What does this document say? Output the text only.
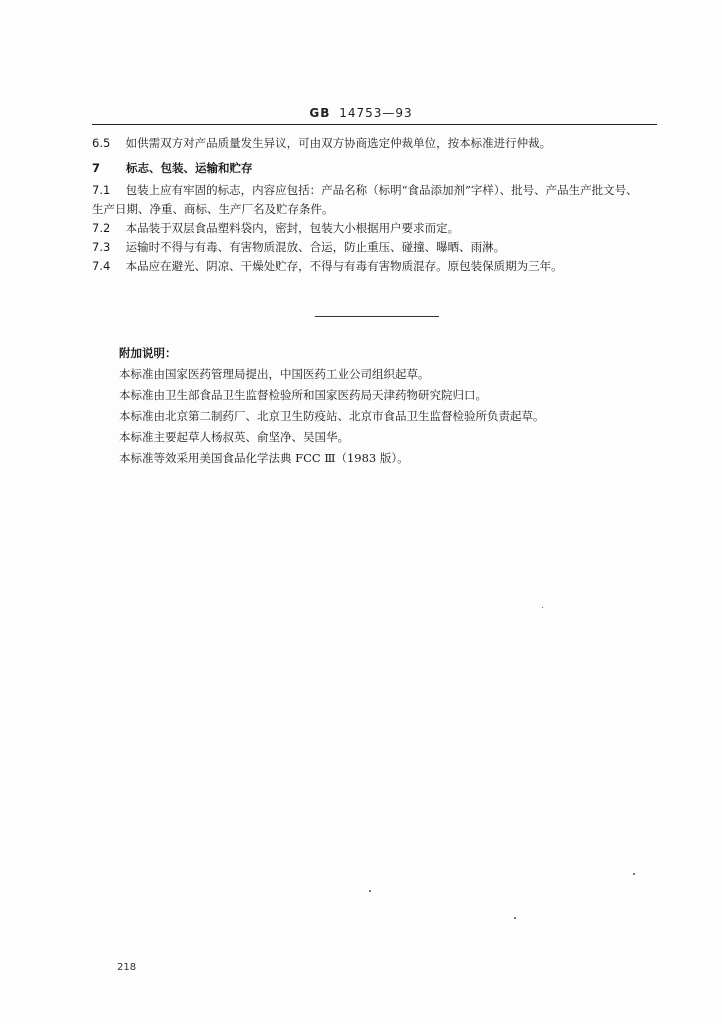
GB 14753—93

6.5 如供需双方对产品质量发生异议，可由双方协商选定仲裁单位，按本标准进行仲裁。

7 标志、包装、运输和贮存

7.1 包装上应有牢固的标志，内容应包括：产品名称（标明“食品添加剂”字样）、批号、产品生产批文号、

生产日期、净重、商标、生产厂名及贮存条件。

7.2 本品装于双层食品塑料袋内，密封，包装大小根据用户要求而定。

7.3 运输时不得与有毒、有害物质混放、合运，防止重压、碰撞、曝晒、雨淋。

7.4 本品应在避光、阴凉、干燥处贮存，不得与有毒有害物质混存。原包装保质期为三年。

附加说明：
本标准由国家医药管理局提出，中国医药工业公司组织起草。
本标准由卫生部食品卫生监督检验所和国家医药局天津药物研究院归口。
本标准由北京第二制药厂、北京卫生防疫站、北京市食品卫生监督检验所负责起草。
本标准主要起草人杨叔英、俞坚净、吴国华。
本标准等效采用美国食品化学法典 FCC Ⅲ（1983 版）。
218
